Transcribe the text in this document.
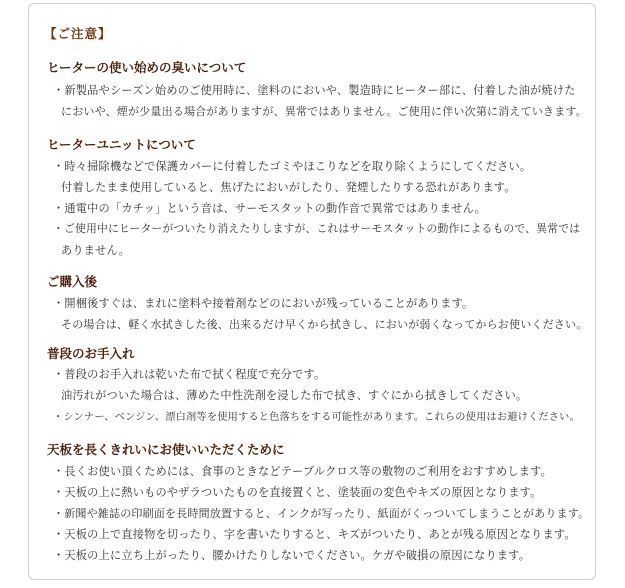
【ご注意】
ヒーターの使い始めの臭いについて
・新製品やシーズン始めのご使用時に、塗料のにおいや、製造時にヒーター部に、付着した油が焼けた
においや、煙が少量出る場合がありますが、異常ではありません。ご使用に伴い次第に消えていきます。
ヒーターユニットについて
・時々掃除機などで保護カバーに付着したゴミやほこりなどを取り除くようにしてください。
付着したまま使用していると、焦げたにおいがしたり、発煙したりする恐れがあります。
・通電中の「カチッ」という音は、サーモスタットの動作音で異常ではありません。
・ご使用中にヒーターがついたり消えたりしますが、これはサーモスタットの動作によるもので、異常では
ありません。
ご購入後
・開梱後すぐは、まれに塗料や接着剤などのにおいが残っていることがあります。
その場合は、軽く水拭きした後、出来るだけ早くから拭きし、においが弱くなってからお使いください。
普段のお手入れ
・普段のお手入れは乾いた布で拭く程度で充分です。
油汚れがついた場合は、薄めた中性洗剤を浸した布で拭き、すぐにから拭きしてください。
・シンナー、ベンジン、漂白剤等を使用すると色落ちをする可能性があります。これらの使用はお避けください。
天板を長くきれいにお使いいただくために
・長くお使い頂くためには、食事のときなどテーブルクロス等の敷物のご利用をおすすめします。
・天板の上に熱いものやザラついたものを直接置くと、塗装面の変色やキズの原因となります。
・新聞や雑誌の印刷面を長時間放置すると、インクが写ったり、紙面がくっついてしまうことがあります。
・天板の上で直接物を切ったり、字を書いたりすると、キズがついたり、あとが残る原因となります。
・天板の上に立ち上がったり、腰かけたりしないでください。ケガや破損の原因になります。
